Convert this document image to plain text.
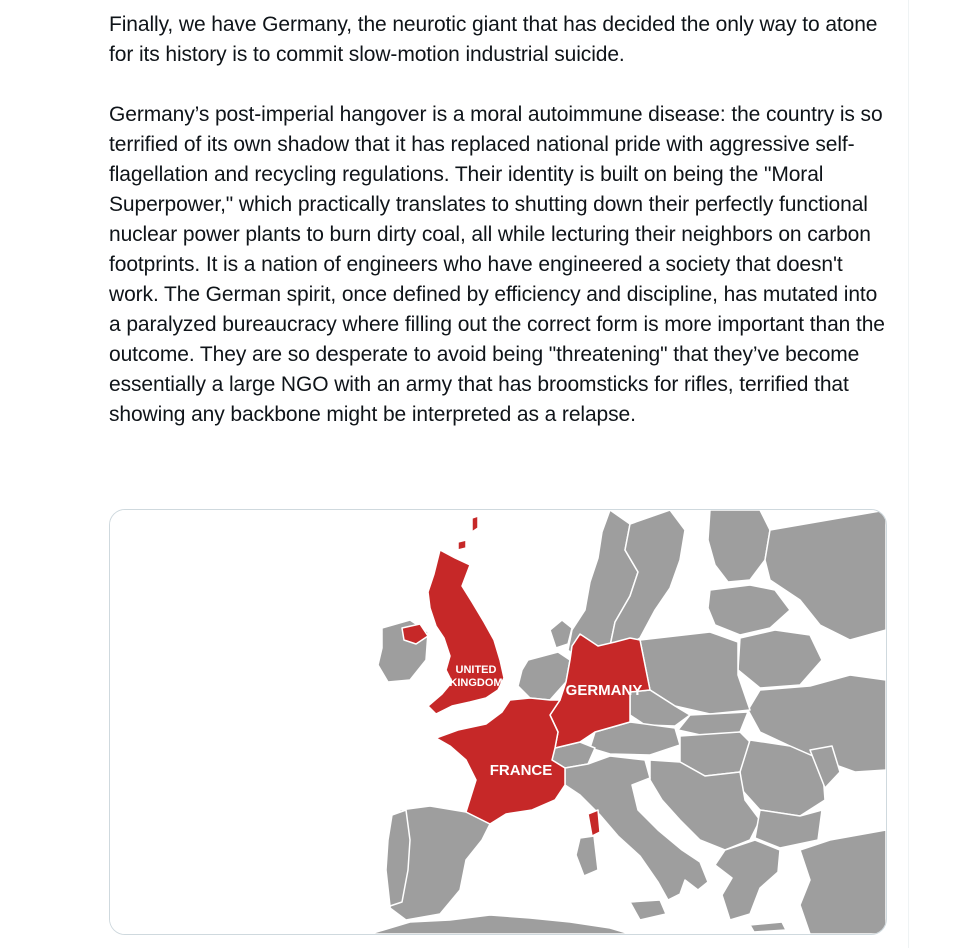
Finally, we have Germany, the neurotic giant that has decided the only way to atone for its history is to commit slow-motion industrial suicide.

Germany’s post-imperial hangover is a moral autoimmune disease: the country is so terrified of its own shadow that it has replaced national pride with aggressive self-flagellation and recycling regulations. Their identity is built on being the "Moral Superpower," which practically translates to shutting down their perfectly functional nuclear power plants to burn dirty coal, all while lecturing their neighbors on carbon footprints. It is a nation of engineers who have engineered a society that doesn't work. The German spirit, once defined by efficiency and discipline, has mutated into a paralyzed bureaucracy where filling out the correct form is more important than the outcome. They are so desperate to avoid being "threatening" that they’ve become essentially a large NGO with an army that has broomsticks for rifles, terrified that showing any backbone might be interpreted as a relapse.

UNITED
KINGDOM	GERMANY
FRANCE
